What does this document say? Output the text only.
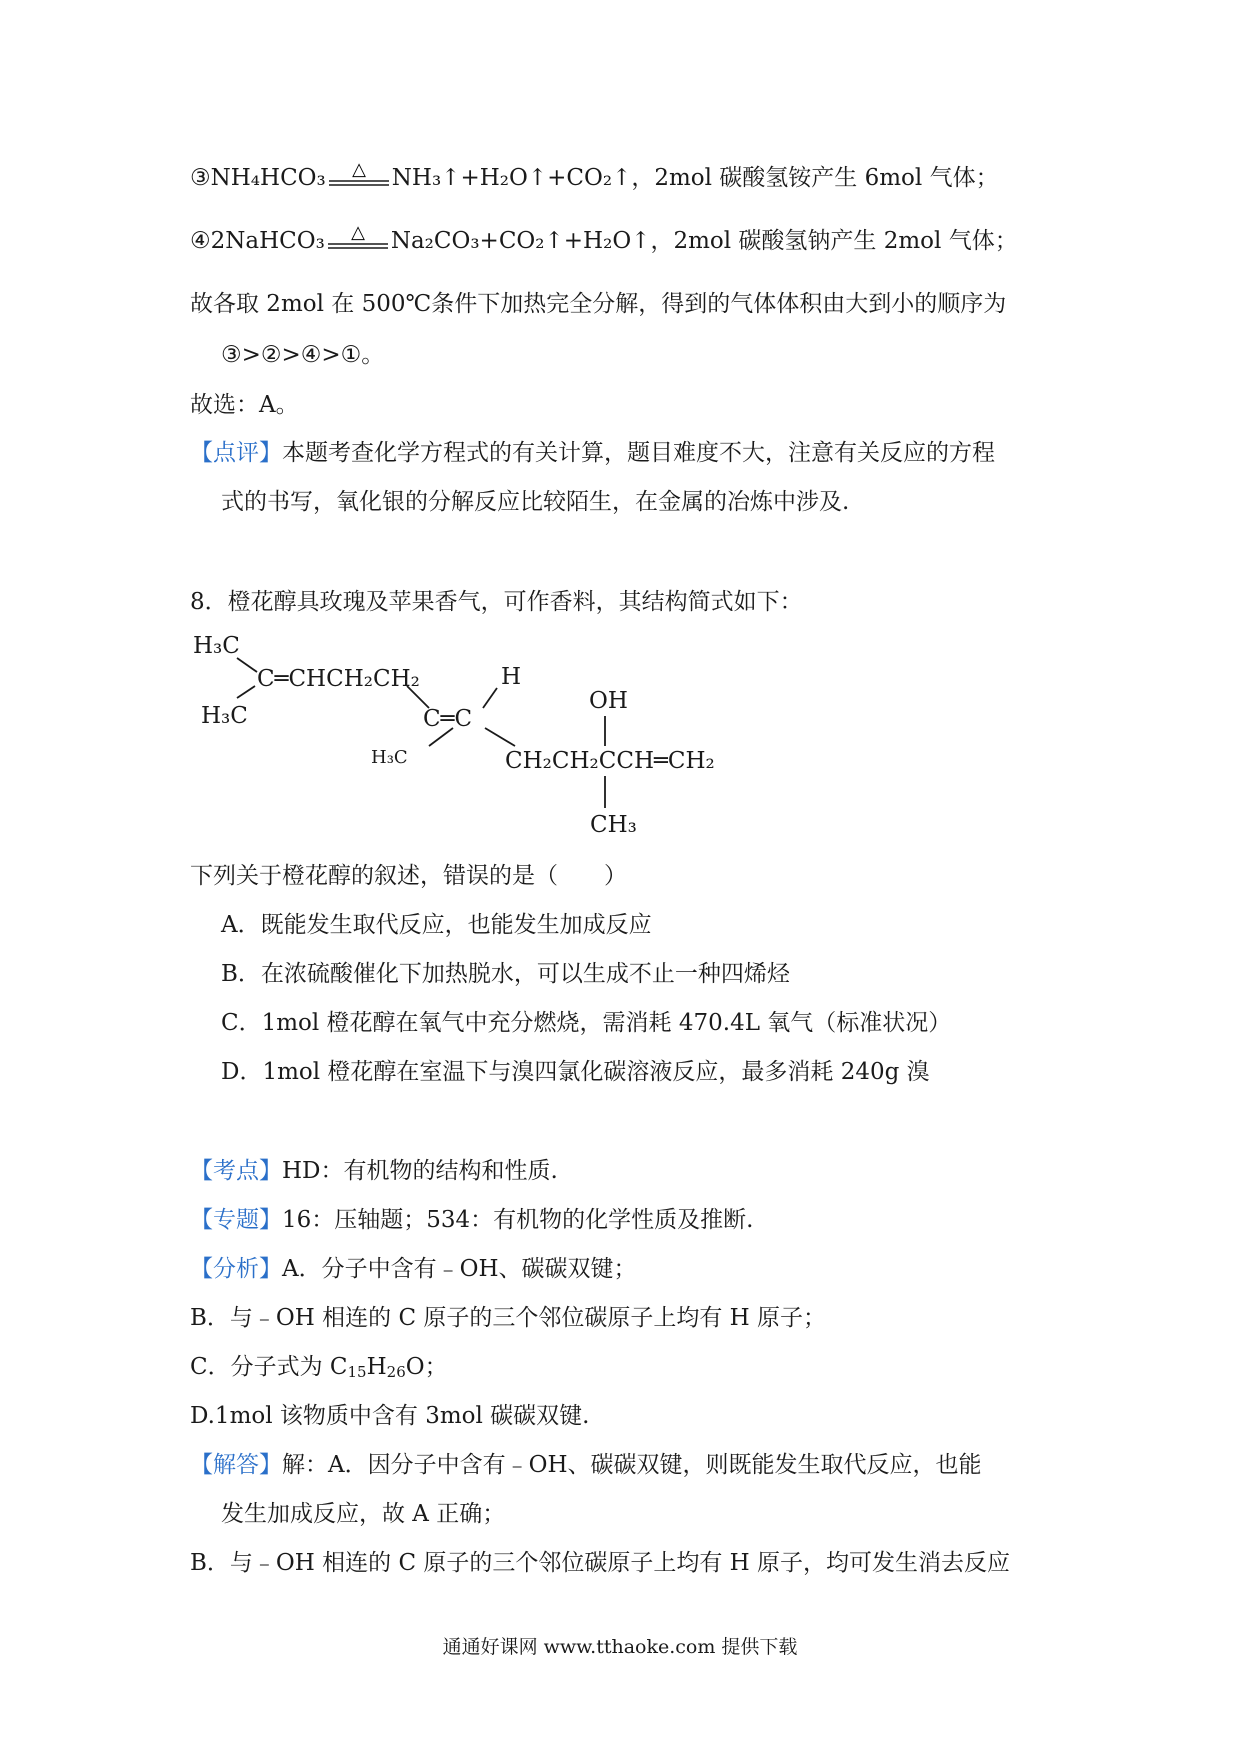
③NH₄HCO₃ △ NH₃↑+H₂O↑+CO₂↑ ，2mol 碳酸氢铵产生 6mol 气体；
④2NaHCO₃ △ Na₂CO₃+CO₂↑+H₂O↑ ，2mol 碳酸氢钠产生 2mol 气体；
故各取 2mol 在 500℃条件下加热完全分解，得到的气体体积由大到小的顺序为
③>②>④>①。
故选：A。
【点评】本题考查化学方程式的有关计算，题目难度不大，注意有关反应的方程
式的书写，氧化银的分解反应比较陌生，在金属的冶炼中涉及.
8．橙花醇具玫瑰及苹果香气，可作香料，其结构简式如下：
H₃C
H₃C
C═CHCH₂CH₂	H
C═C
H₃C
OH
CH₂CH₂CCH═CH₂
CH₃
下列关于橙花醇的叙述，错误的是（　　）
A．既能发生取代反应，也能发生加成反应
B．在浓硫酸催化下加热脱水，可以生成不止一种四烯烃
C．1mol 橙花醇在氧气中充分燃烧，需消耗 470.4L 氧气（标准状况）
D．1mol 橙花醇在室温下与溴四氯化碳溶液反应，最多消耗 240g 溴
【考点】HD：有机物的结构和性质.
【专题】16：压轴题；534：有机物的化学性质及推断.
【分析】A．分子中含有﹣OH、碳碳双键；
B．与﹣OH 相连的 C 原子的三个邻位碳原子上均有 H 原子；
C．分子式为 $C_{15}H_{26}O$；
D.1mol 该物质中含有 3mol 碳碳双键.
【解答】解：A．因分子中含有﹣OH、碳碳双键，则既能发生取代反应，也能
发生加成反应，故 A 正确；
B．与﹣OH 相连的 C 原子的三个邻位碳原子上均有 H 原子，均可发生消去反应
通通好课网 www.tthaoke.com 提供下载
